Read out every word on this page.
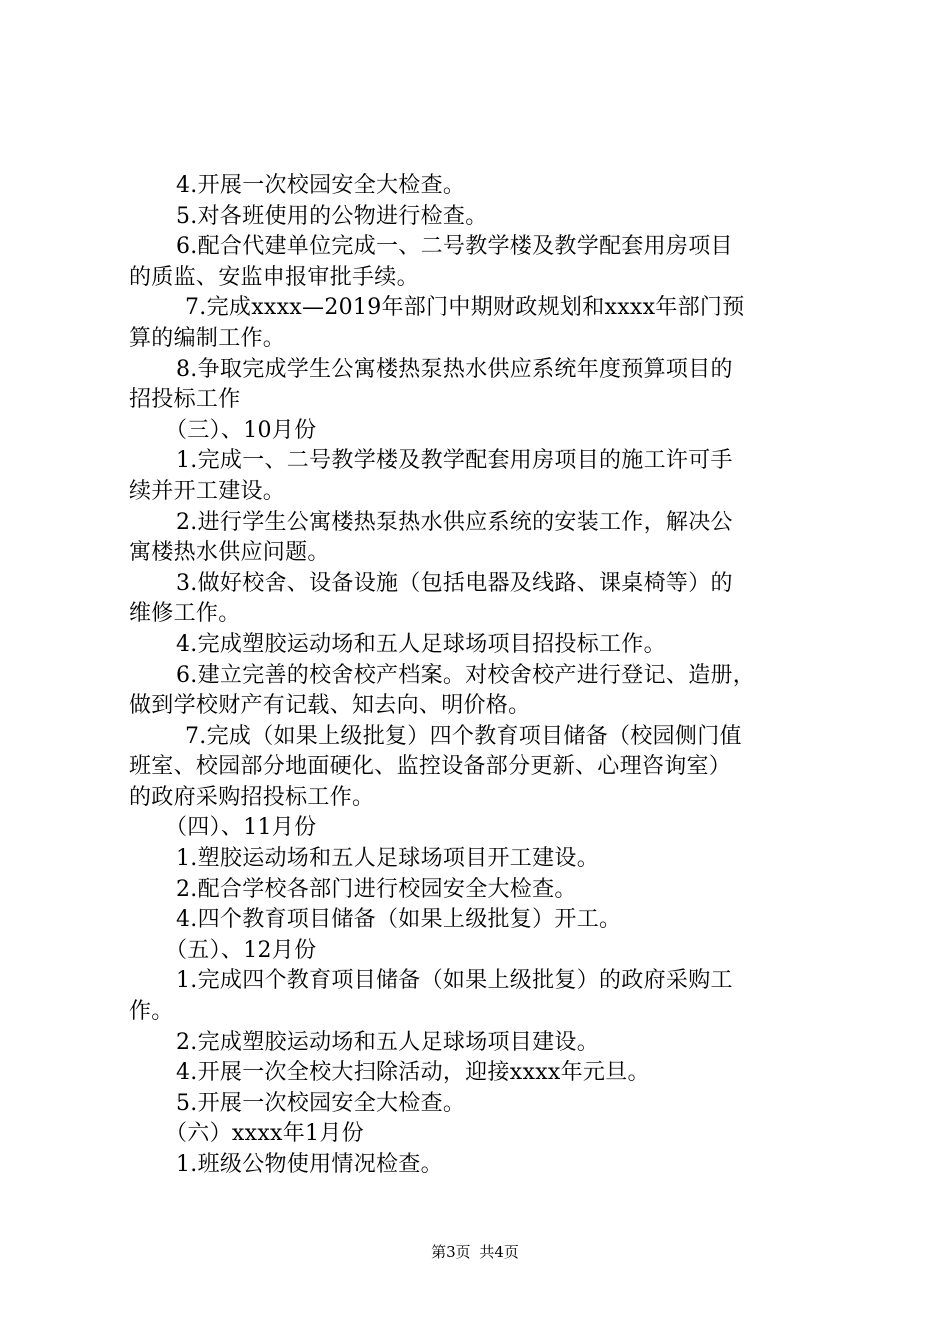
4.开展一次校园安全大检查。
5.对各班使用的公物进行检查。
6.配合代建单位完成一、二号教学楼及教学配套用房项目
的质监、安监申报审批手续。
7.完成xxxx—2019年部门中期财政规划和xxxx年部门预
算的编制工作。
8.争取完成学生公寓楼热泵热水供应系统年度预算项目的
招投标工作
（三）、10月份
1.完成一、二号教学楼及教学配套用房项目的施工许可手
续并开工建设。
2.进行学生公寓楼热泵热水供应系统的安装工作，解决公
寓楼热水供应问题。
3.做好校舍、设备设施（包括电器及线路、课桌椅等）的
维修工作。
4.完成塑胶运动场和五人足球场项目招投标工作。
6.建立完善的校舍校产档案。对校舍校产进行登记、造册，
做到学校财产有记载、知去向、明价格。
7.完成（如果上级批复）四个教育项目储备（校园侧门值
班室、校园部分地面硬化、监控设备部分更新、心理咨询室）
的政府采购招投标工作。
（四）、11月份
1.塑胶运动场和五人足球场项目开工建设。
2.配合学校各部门进行校园安全大检查。
4.四个教育项目储备（如果上级批复）开工。
（五）、12月份
1.完成四个教育项目储备（如果上级批复）的政府采购工
作。
2.完成塑胶运动场和五人足球场项目建设。
4.开展一次全校大扫除活动，迎接xxxx年元旦。
5.开展一次校园安全大检查。
（六）xxxx年1月份
1.班级公物使用情况检查。
第3页 共4页
